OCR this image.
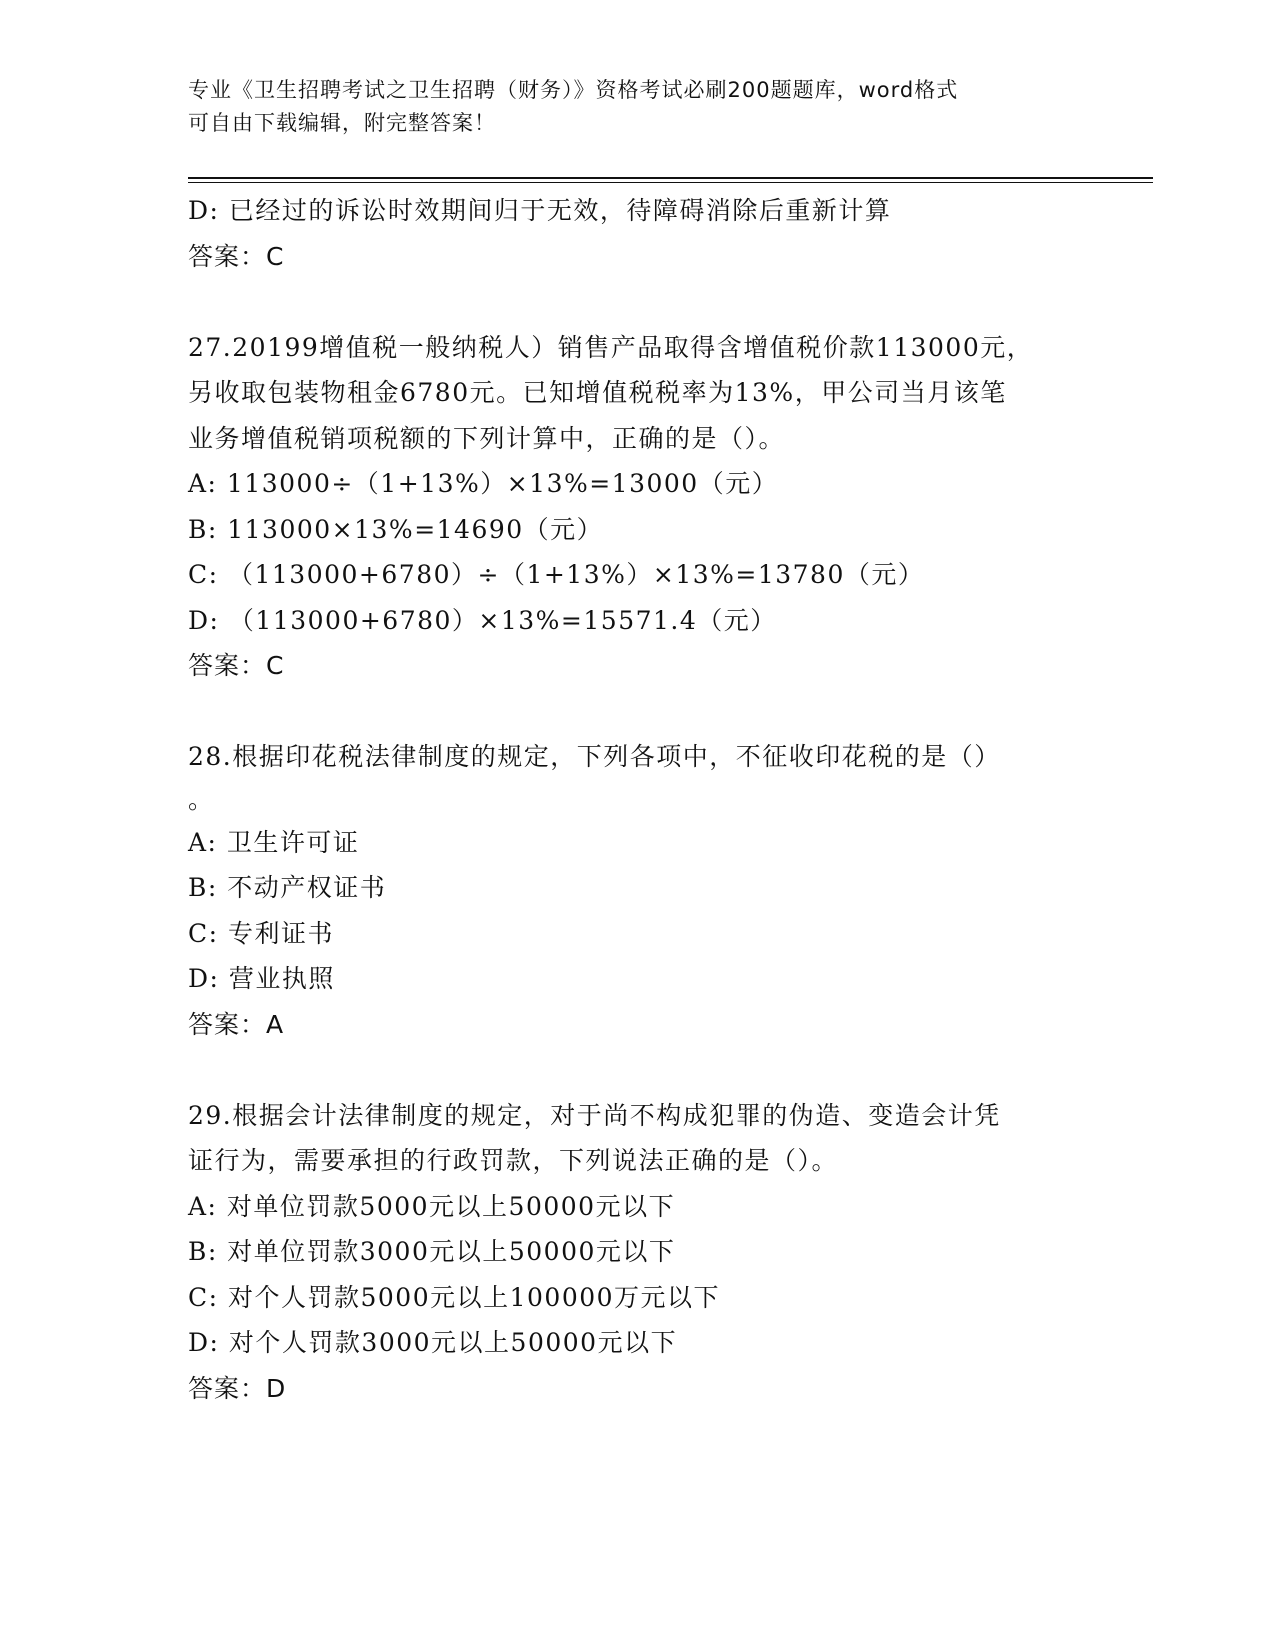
专业《卫生招聘考试之卫生招聘（财务）》资格考试必刷200题题库，word格式
可自由下载编辑，附完整答案！
D: 已经过的诉讼时效期间归于无效，待障碍消除后重新计算
答案：C
27.20199增值税一般纳税人）销售产品取得含增值税价款113000元，
另收取包装物租金6780元。已知增值税税率为13%，甲公司当月该笔
业务增值税销项税额的下列计算中，正确的是（）。
A: 113000÷（1+13%）×13%=13000（元）
B: 113000×13%=14690（元）
C: （113000+6780）÷（1+13%）×13%=13780（元）
D: （113000+6780）×13%=15571.4（元）
答案：C
28.根据印花税法律制度的规定，下列各项中，不征收印花税的是（）
。
A: 卫生许可证
B: 不动产权证书
C: 专利证书
D: 营业执照
答案：A
29.根据会计法律制度的规定，对于尚不构成犯罪的伪造、变造会计凭
证行为，需要承担的行政罚款，下列说法正确的是（）。
A: 对单位罚款5000元以上50000元以下
B: 对单位罚款3000元以上50000元以下
C: 对个人罚款5000元以上100000万元以下
D: 对个人罚款3000元以上50000元以下
答案：D
